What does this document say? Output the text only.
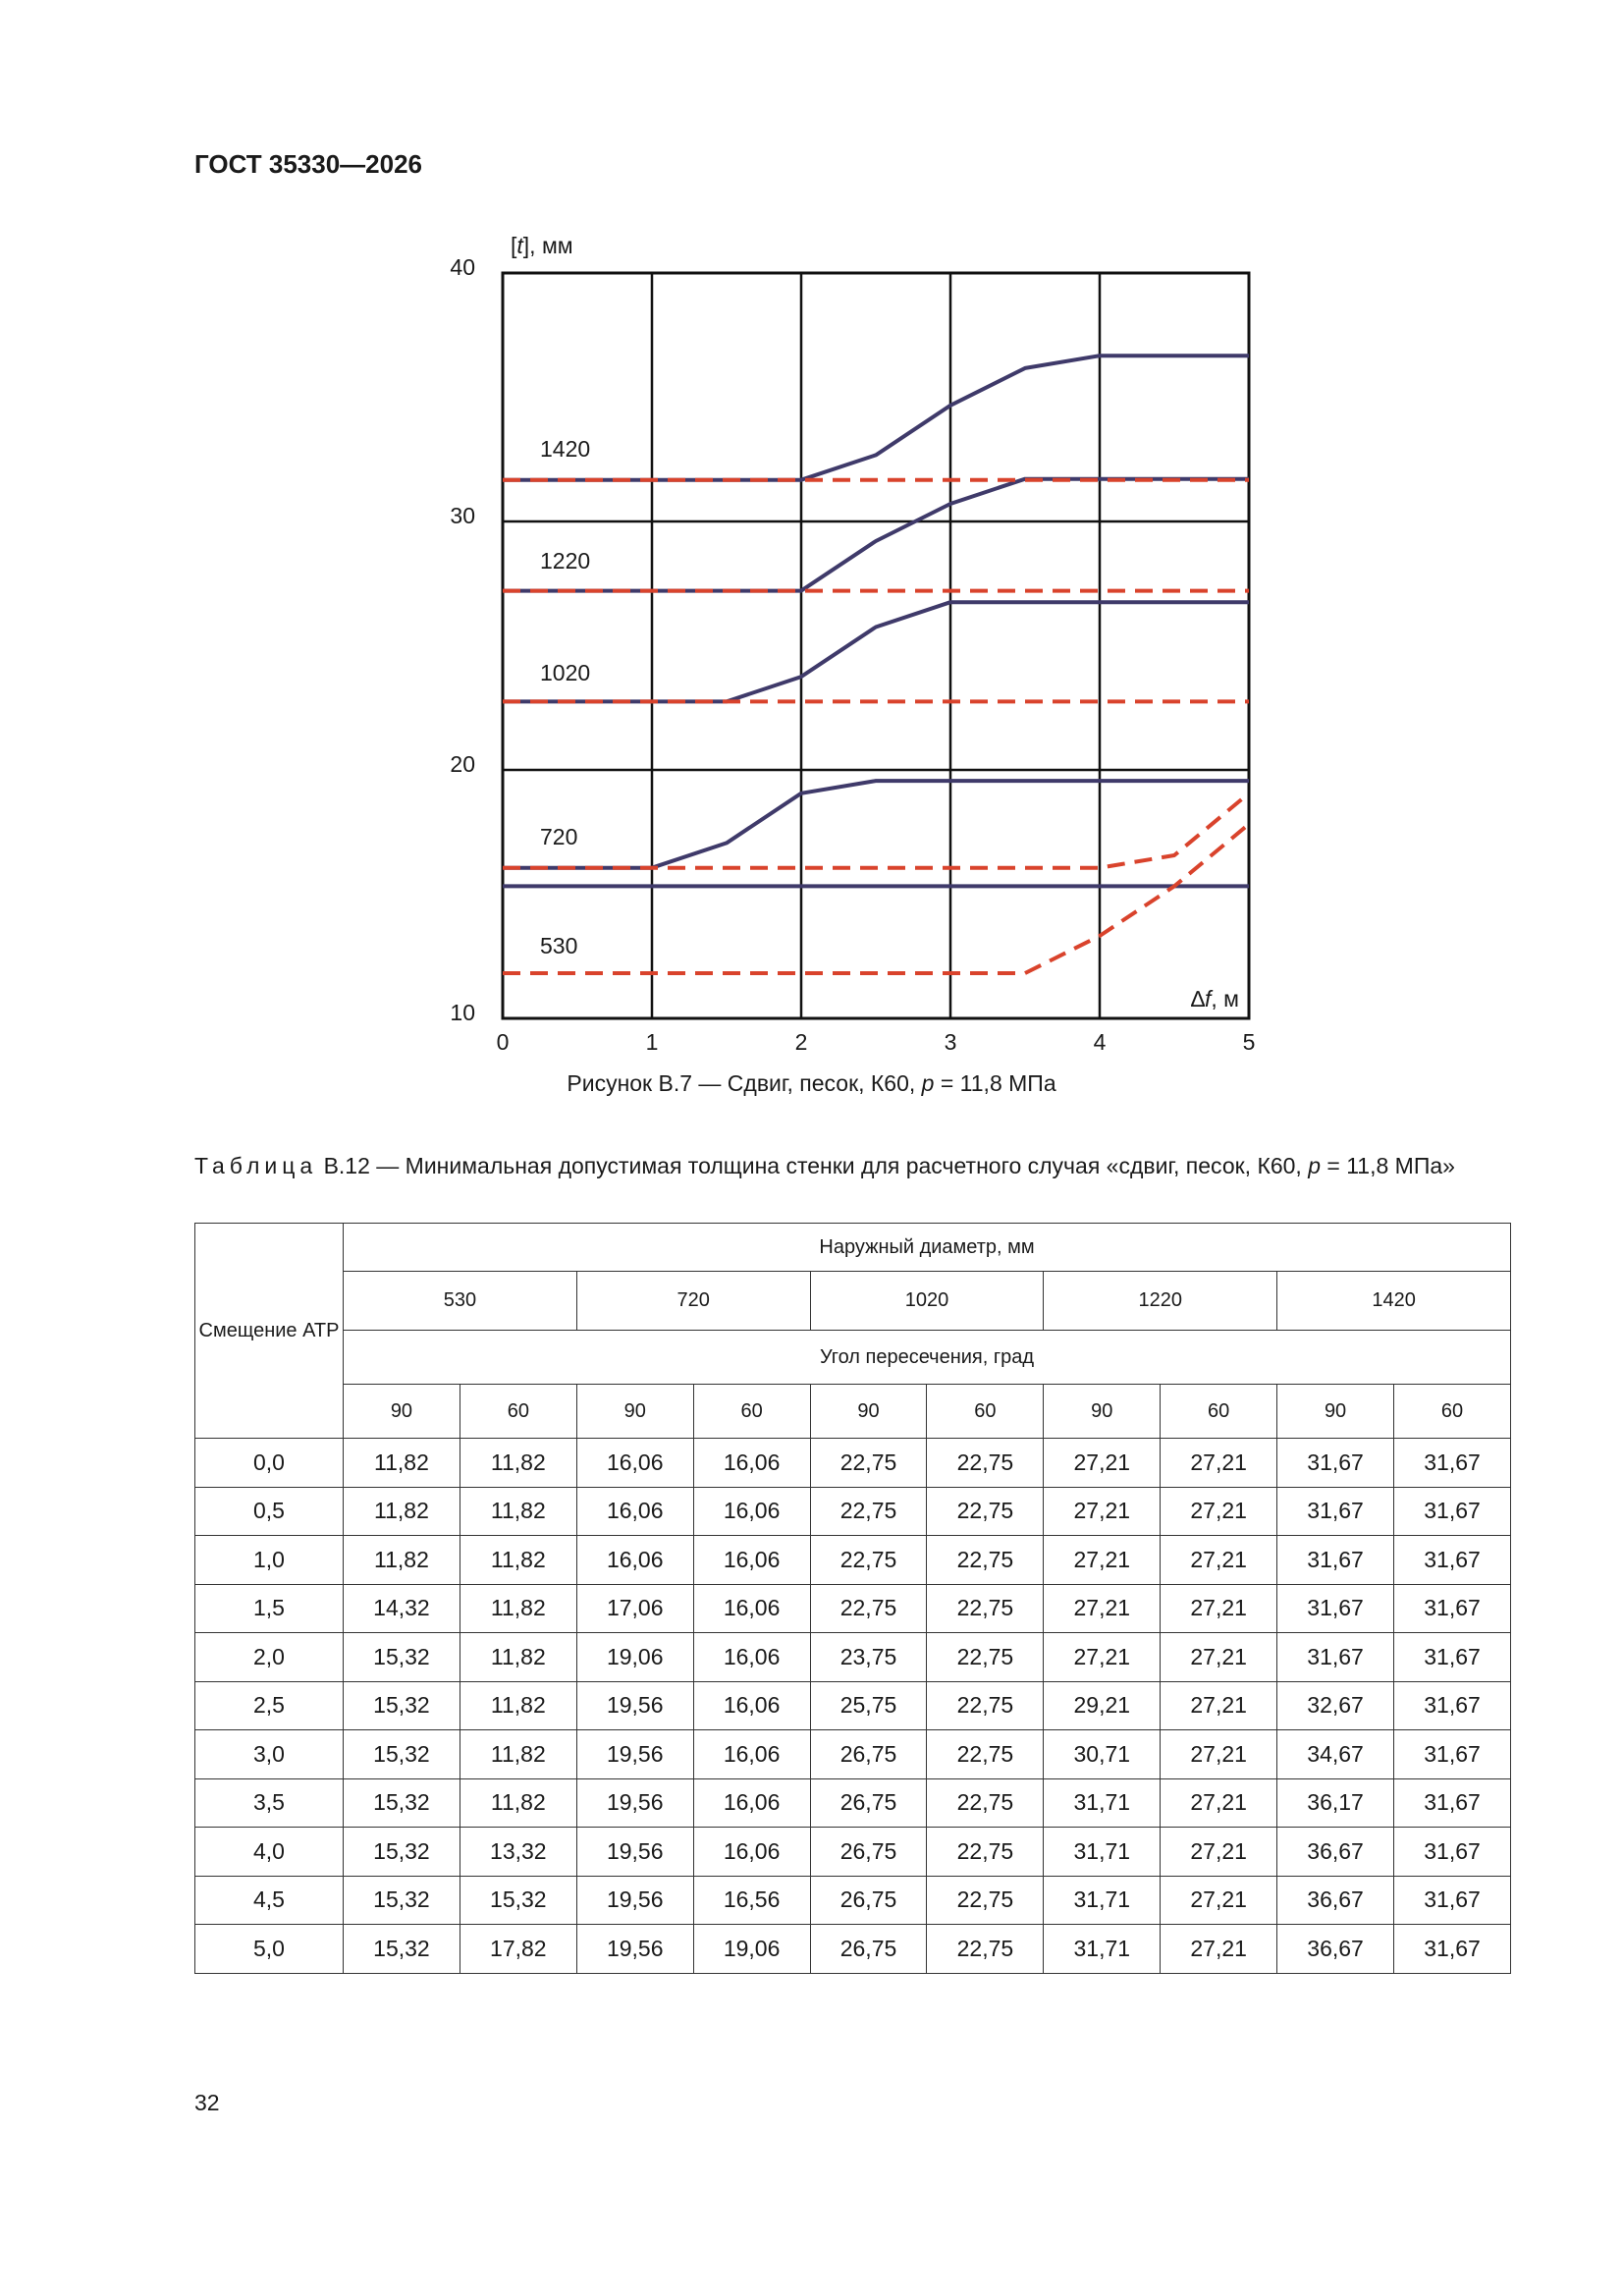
ГОСТ 35330—2026
0	1	2	3	4	5
10
20
30
40
[t], мм
∆f, м
530
720
1020
1220
1420
Рисунок В.7 — Сдвиг, песок, К60, p = 11,8 МПа
Таблица В.12 — Минимальная допустимая толщина стенки для расчетного случая «сдвиг, песок, К60, p = 11,8 МПа»
Смещение АТР	Наружный диаметр, мм									
	530		720		1020		1220		1420	
	Угол пересечения, град									
	90	60	90	60	90	60	90	60	90	60
0,0	11,82	11,82	16,06	16,06	22,75	22,75	27,21	27,21	31,67	31,67
0,5	11,82	11,82	16,06	16,06	22,75	22,75	27,21	27,21	31,67	31,67
1,0	11,82	11,82	16,06	16,06	22,75	22,75	27,21	27,21	31,67	31,67
1,5	14,32	11,82	17,06	16,06	22,75	22,75	27,21	27,21	31,67	31,67
2,0	15,32	11,82	19,06	16,06	23,75	22,75	27,21	27,21	31,67	31,67
2,5	15,32	11,82	19,56	16,06	25,75	22,75	29,21	27,21	32,67	31,67
3,0	15,32	11,82	19,56	16,06	26,75	22,75	30,71	27,21	34,67	31,67
3,5	15,32	11,82	19,56	16,06	26,75	22,75	31,71	27,21	36,17	31,67
4,0	15,32	13,32	19,56	16,06	26,75	22,75	31,71	27,21	36,67	31,67
4,5	15,32	15,32	19,56	16,56	26,75	22,75	31,71	27,21	36,67	31,67
5,0	15,32	17,82	19,56	19,06	26,75	22,75	31,71	27,21	36,67	31,67
32
